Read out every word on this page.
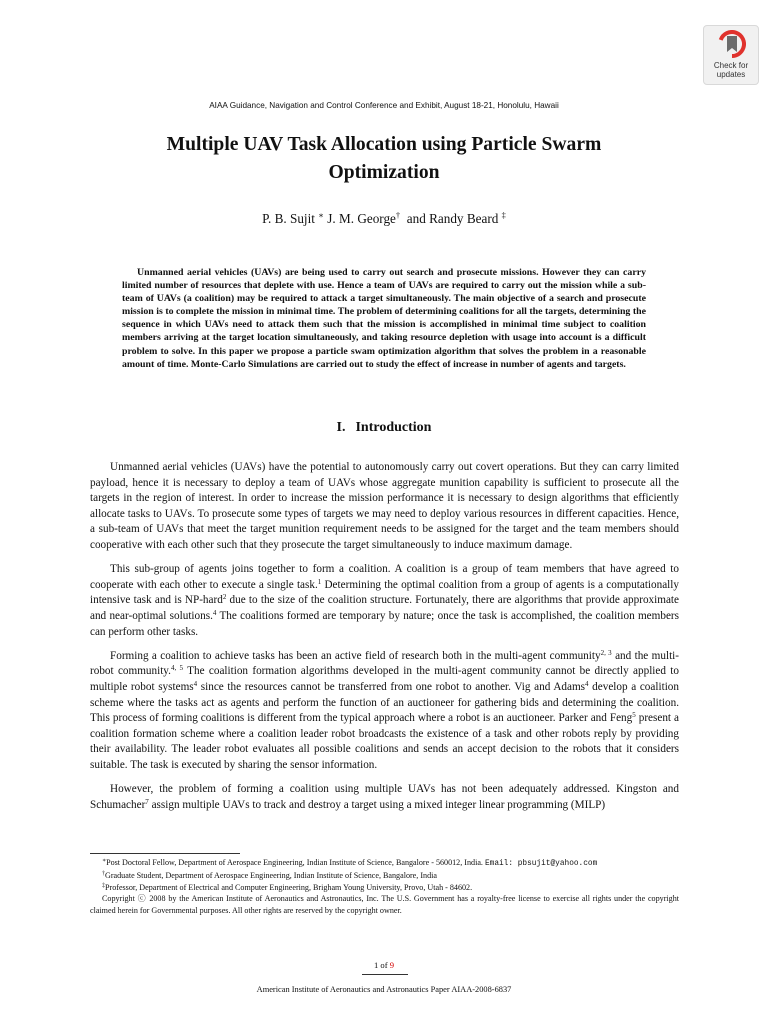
Check for
updates
AIAA Guidance, Navigation and Control Conference and Exhibit, August 18-21, Honolulu, Hawaii
Multiple UAV Task Allocation using Particle Swarm
Optimization
P. B. Sujit ∗ J. M. George† and Randy Beard ‡

Unmanned aerial vehicles (UAVs) are being used to carry out search and prosecute missions. However they can carry limited number of resources that deplete with use. Hence a team of UAVs are required to carry out the mission while a sub-team of UAVs (a coalition) may be required to attack a target simultaneously. The main objective of a search and prosecute mission is to complete the mission in minimal time. The problem of determining coalitions for all the targets, determining the sequence in which UAVs need to attack them such that the mission is accomplished in minimal time subject to coalition members arriving at the target location simultaneously, and taking resource depletion with usage into account is a difficult problem to solve. In this paper we propose a particle swam optimization algorithm that solves the problem in a reasonable amount of time. Monte-Carlo Simulations are carried out to study the effect of increase in number of agents and targets.

I. Introduction

Unmanned aerial vehicles (UAVs) have the potential to autonomously carry out covert operations. But they can carry limited payload, hence it is necessary to deploy a team of UAVs whose aggregate munition capability is sufficient to prosecute all the targets in the region of interest. In order to increase the mission performance it is necessary to design algorithms that efficiently allocate tasks to UAVs. To prosecute some types of targets we may need to deploy various resources in different capacities. Hence, a sub-team of UAVs that meet the target munition requirement needs to be assigned for the target and the team members should cooperative with each other such that they prosecute the target simultaneously to induce maximum damage.

This sub-group of agents joins together to form a coalition. A coalition is a group of team members that have agreed to cooperate with each other to execute a single task.$^1$ Determining the optimal coalition from a group of agents is a computationally intensive task and is NP-hard$^2$ due to the size of the coalition structure. Fortunately, there are algorithms that provide approximate and near-optimal solutions.$^4$ The coalitions formed are temporary by nature; once the task is accomplished, the coalition members can perform other tasks.

Forming a coalition to achieve tasks has been an active field of research both in the multi-agent community$^{2, 3}$ and the multi-robot community.$^{4, 5}$ The coalition formation algorithms developed in the multi-agent community cannot be directly applied to multiple robot systems$^4$ since the resources cannot be transferred from one robot to another. Vig and Adams$^4$ develop a coalition scheme where the tasks act as agents and perform the function of an auctioneer for gathering bids and determining the coalition. This process of forming coalitions is different from the typical approach where a robot is an auctioneer. Parker and Feng$^5$ present a coalition formation scheme where a coalition leader robot broadcasts the existence of a task and other robots reply by providing their availability. The leader robot evaluates all possible coalitions and sends an accept decision to the robots that it considers suitable. The task is executed by sharing the sensor information.

However, the problem of forming a coalition using multiple UAVs has not been adequately addressed. Kingston and Schumacher$^7$ assign multiple UAVs to track and destroy a target using a mixed integer linear programming (MILP)

∗Post Doctoral Fellow, Department of Aerospace Engineering, Indian Institute of Science, Bangalore - 560012, India. Email: pbsujit@yahoo.com
†Graduate Student, Department of Aerospace Engineering, Indian Institute of Science, Bangalore, India
‡Professor, Department of Electrical and Computer Engineering, Brigham Young University, Provo, Utah - 84602.
Copyright ⓒ 2008 by the American Institute of Aeronautics and Astronautics, Inc. The U.S. Government has a royalty-free license to exercise all rights under the copyright claimed herein for Governmental purposes. All other rights are reserved by the copyright owner.
1 of 9
American Institute of Aeronautics and Astronautics Paper AIAA-2008-6837
